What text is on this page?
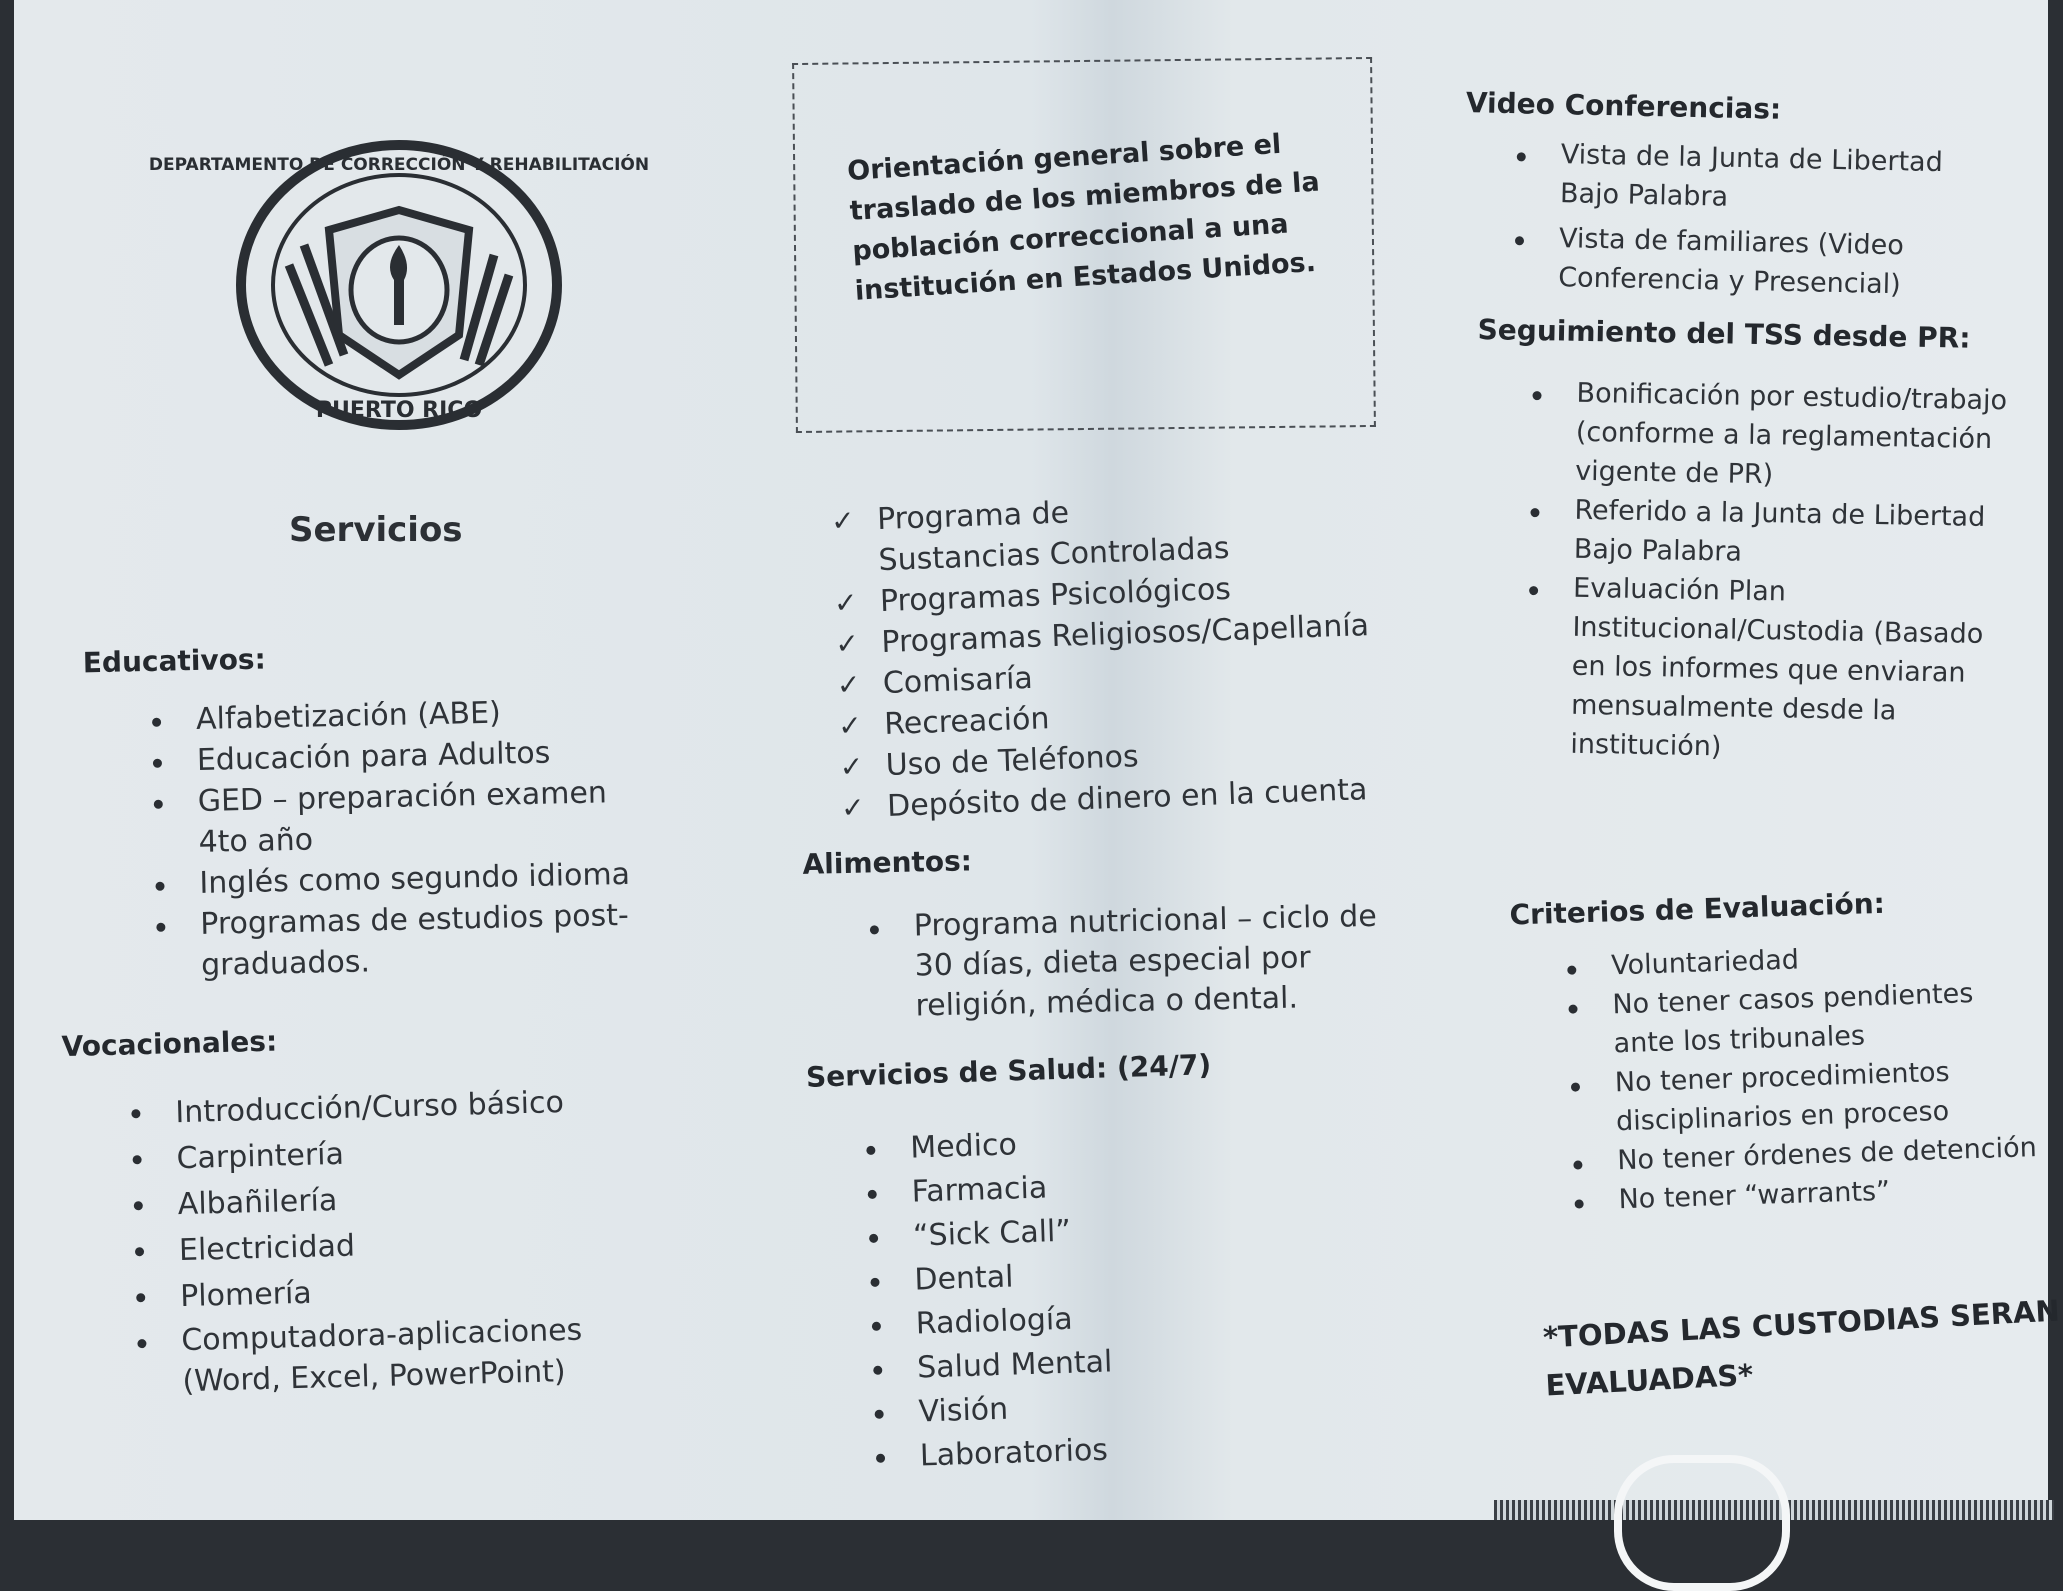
DEPARTAMENTO DE CORRECCIÓN Y REHABILITACIÓN
PUERTO RICO
Orientación general sobre el traslado de los miembros de la población correccional a una institución en Estados Unidos.
Servicios

Educativos:

Alfabetización (ABE)
Educación para Adultos
GED – preparación examen 4to año
Inglés como segundo idioma
Programas de estudios post-graduados.

Vocacionales:

Introducción/Curso básico
Carpintería
Albañilería
Electricidad
Plomería
Computadora-aplicaciones (Word, Excel, PowerPoint)
✓ Programa de Sustancias Controladas
✓ Programas Psicológicos
✓ Programas Religiosos/Capellanía
✓ Comisaría
✓ Recreación
✓ Uso de Teléfonos
✓ Depósito de dinero en la cuenta

Alimentos:

Programa nutricional – ciclo de 30 días, dieta especial por religión, médica o dental.

Servicios de Salud: (24/7)

Medico
Farmacia
“Sick Call”
Dental
Radiología
Salud Mental
Visión
Laboratorios

Video Conferencias:

Vista de la Junta de Libertad Bajo Palabra
Vista de familiares (Video Conferencia y Presencial)

Seguimiento del TSS desde PR:

Bonificación por estudio/trabajo (conforme a la reglamentación vigente de PR)
Referido a la Junta de Libertad Bajo Palabra
Evaluación Plan Institucional/Custodia (Basado en los informes que enviaran mensualmente desde la institución)

Criterios de Evaluación:

Voluntariedad
No tener casos pendientes ante los tribunales
No tener procedimientos disciplinarios en proceso
No tener órdenes de detención
No tener “warrants”
*TODAS LAS CUSTODIAS SERAN
EVALUADAS*
